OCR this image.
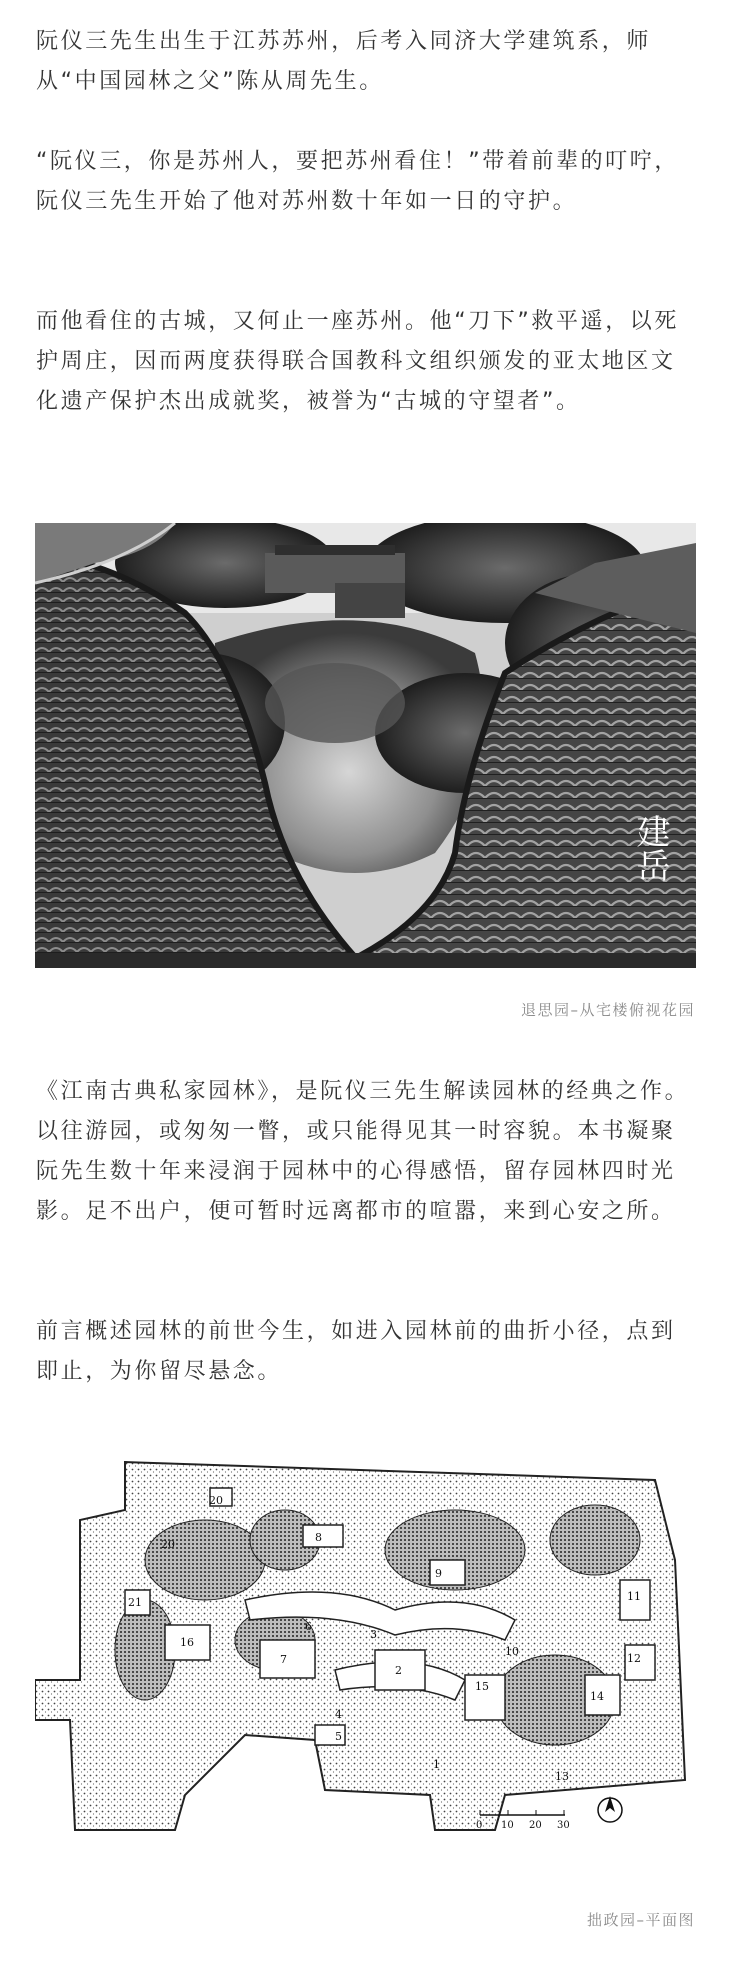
阮仪三先生出生于江苏苏州，后考入同济大学建筑系，师从“中国园林之父”陈从周先生。

“阮仪三，你是苏州人，要把苏州看住！”带着前辈的叮咛，阮仪三先生开始了他对苏州数十年如一日的守护。

而他看住的古城，又何止一座苏州。他“刀下”救平遥，以死护周庄，因而两度获得联合国教科文组织颁发的亚太地区文化遗产保护杰出成就奖，被誉为“古城的守望者”。

建岳
退思园–从宅楼俯视花园

《江南古典私家园林》，是阮仪三先生解读园林的经典之作。以往游园，或匆匆一瞥，或只能得见其一时容貌。本书凝聚阮先生数十年来浸润于园林中的心得感悟，留存园林四时光影。足不出户，便可暂时远离都市的喧嚣，来到心安之所。

前言概述园林的前世今生，如进入园林前的曲折小径，点到即止，为你留尽悬念。

20
8
9
20
21
16
7
6
3
2
4
5
1
15
14
12
11
13
10
0 10 20 30
拙政园–平面图
